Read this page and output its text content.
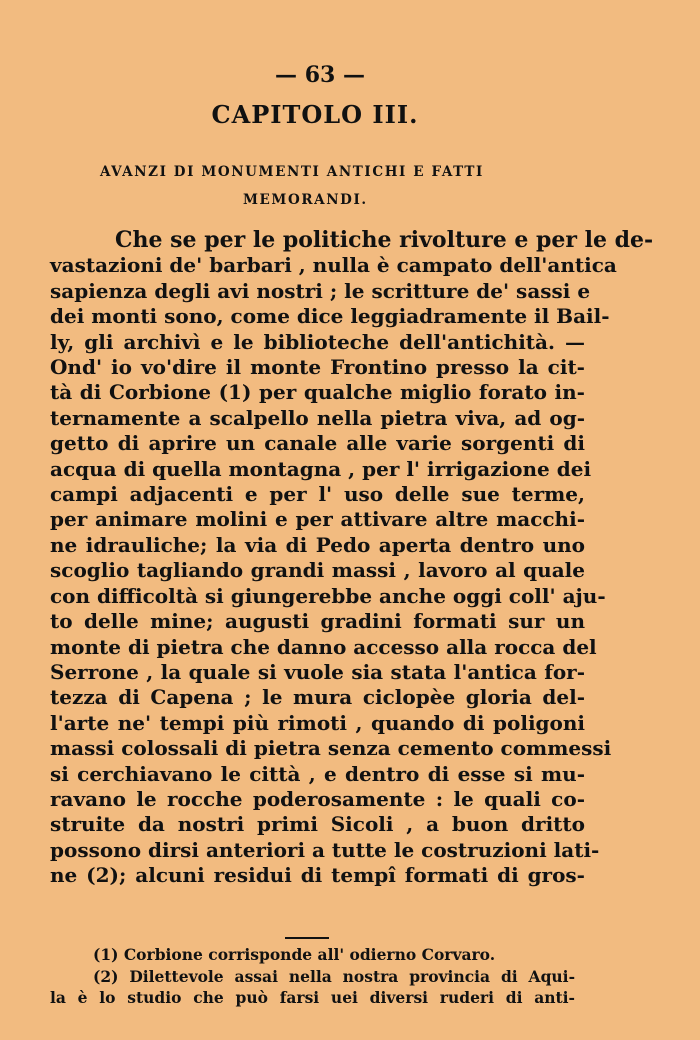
— 63 —
CAPITOLO III.
AVANZI DI MONUMENTI ANTICHI E FATTI
MEMORANDI.
Che se per le politiche rivolture e per le de-
vastazioni de' barbari , nulla è campato dell'antica
sapienza degli avi nostri ; le scritture de' sassi e
dei monti sono, come dice leggiadramente il Bail-
ly, gli archivì e le biblioteche dell'antichità. —
Ond' io vo'dire il monte Frontino presso la cit-
tà di Corbione (1) per qualche miglio forato in-
ternamente a scalpello nella pietra viva, ad og-
getto di aprire un canale alle varie sorgenti di
acqua di quella montagna , per l' irrigazione dei
campi adjacenti e per l' uso delle sue terme,
per animare molini e per attivare altre macchi-
ne idrauliche; la via di Pedo aperta dentro uno
scoglio tagliando grandi massi , lavoro al quale
con difficoltà si giungerebbe anche oggi coll' aju-
to delle mine; augusti gradini formati sur un
monte di pietra che danno accesso alla rocca del
Serrone , la quale si vuole sia stata l'antica for-
tezza di Capena ; le mura ciclopèe gloria del-
l'arte ne' tempi più rimoti , quando di poligoni
massi colossali di pietra senza cemento commessi
si cerchiavano le città , e dentro di esse si mu-
ravano le rocche poderosamente : le quali co-
struite da nostri primi Sicoli , a buon dritto
possono dirsi anteriori a tutte le costruzioni lati-
ne (2); alcuni residui di tempî formati di gros-
(1) Corbione corrisponde all' odierno Corvaro.
(2) Dilettevole assai nella nostra provincia di Aqui-
la è lo studio che può farsi uei diversi ruderi di anti-
